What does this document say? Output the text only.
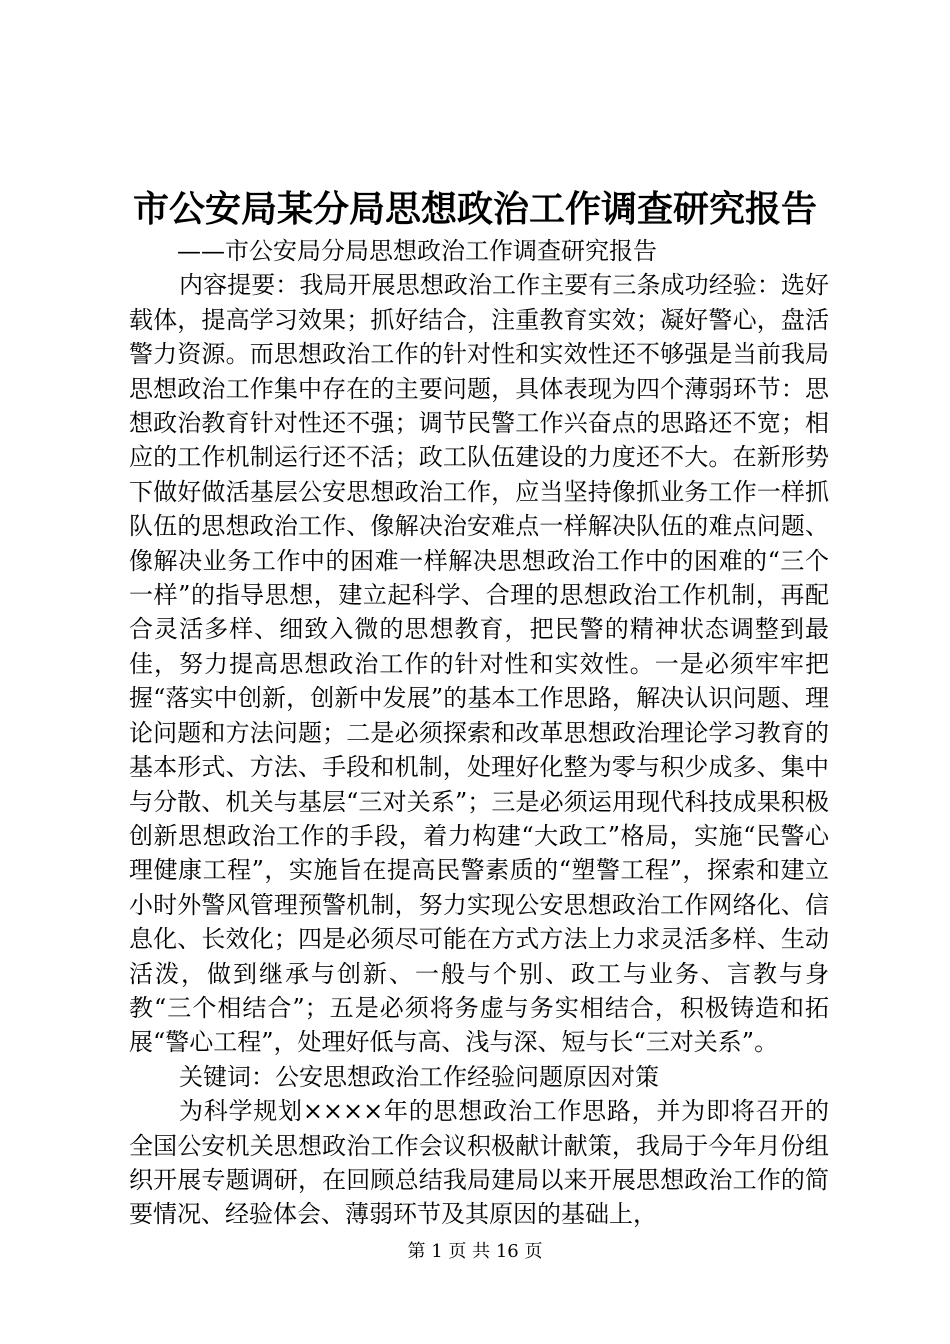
市公安局某分局思想政治工作调查研究报告

——市公安局分局思想政治工作调查研究报告

内容提要：我局开展思想政治工作主要有三条成功经验：选好载体，提高学习效果；抓好结合，注重教育实效；凝好警心，盘活警力资源。而思想政治工作的针对性和实效性还不够强是当前我局思想政治工作集中存在的主要问题，具体表现为四个薄弱环节：思想政治教育针对性还不强；调节民警工作兴奋点的思路还不宽；相应的工作机制运行还不活；政工队伍建设的力度还不大。在新形势下做好做活基层公安思想政治工作，应当坚持像抓业务工作一样抓队伍的思想政治工作、像解决治安难点一样解决队伍的难点问题、像解决业务工作中的困难一样解决思想政治工作中的困难的“三个一样”的指导思想，建立起科学、合理的思想政治工作机制，再配合灵活多样、细致入微的思想教育，把民警的精神状态调整到最佳，努力提高思想政治工作的针对性和实效性。一是必须牢牢把握“落实中创新，创新中发展”的基本工作思路，解决认识问题、理论问题和方法问题；二是必须探索和改革思想政治理论学习教育的基本形式、方法、手段和机制，处理好化整为零与积少成多、集中与分散、机关与基层“三对关系”；三是必须运用现代科技成果积极创新思想政治工作的手段，着力构建“大政工”格局，实施“民警心理健康工程”，实施旨在提高民警素质的“塑警工程”，探索和建立小时外警风管理预警机制，努力实现公安思想政治工作网络化、信息化、长效化；四是必须尽可能在方式方法上力求灵活多样、生动活泼，做到继承与创新、一般与个别、政工与业务、言教与身教“三个相结合”；五是必须将务虚与务实相结合，积极铸造和拓展“警心工程”，处理好低与高、浅与深、短与长“三对关系”。

关键词：公安思想政治工作经验问题原因对策

为科学规划××××年的思想政治工作思路，并为即将召开的全国公安机关思想政治工作会议积极献计献策，我局于今年月份组织开展专题调研，在回顾总结我局建局以来开展思想政治工作的简要情况、经验体会、薄弱环节及其原因的基础上，

第 1 页 共 16 页
